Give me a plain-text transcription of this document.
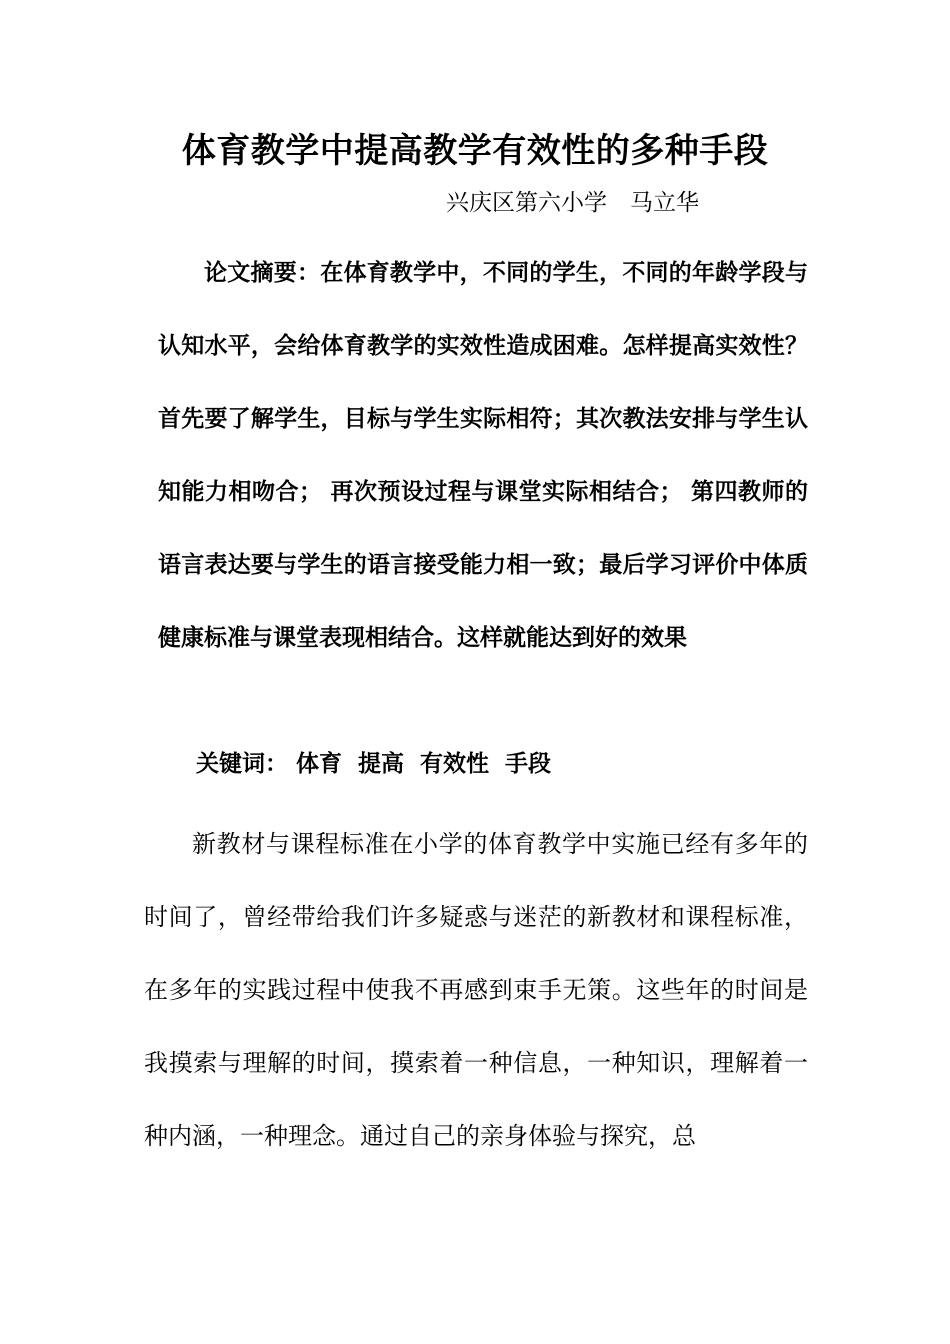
体育教学中提高教学有效性的多种手段
兴庆区第六小学　马立华

论文摘要：在体育教学中，不同的学生，不同的年龄学段与认知水平，会给体育教学的实效性造成困难。怎样提高实效性？首先要了解学生，目标与学生实际相符；其次教法安排与学生认知能力相吻合； 再次预设过程与课堂实际相结合； 第四教师的语言表达要与学生的语言接受能力相一致；最后学习评价中体质健康标准与课堂表现相结合。这样就能达到好的效果

关键词： 体育  提高  有效性  手段

新教材与课程标准在小学的体育教学中实施已经有多年的时间了，曾经带给我们许多疑惑与迷茫的新教材和课程标准，在多年的实践过程中使我不再感到束手无策。这些年的时间是我摸索与理解的时间，摸索着一种信息，一种知识，理解着一种内涵，一种理念。通过自己的亲身体验与探究，总
